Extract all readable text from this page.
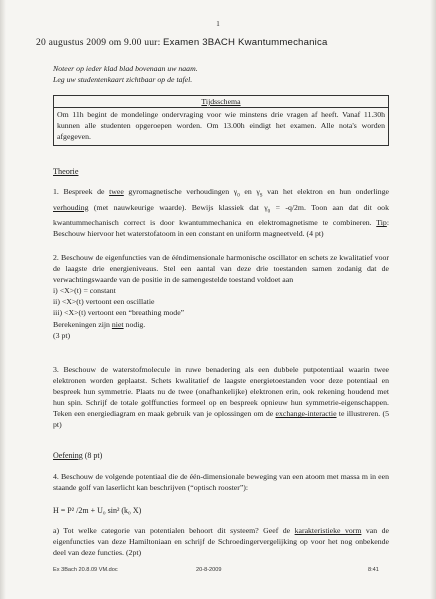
1
20 augustus 2009 om 9.00 uur: Examen 3BACH Kwantummechanica
Noteer op ieder klad blad bovenaan uw naam.
Leg uw studentenkaart zichtbaar op de tafel.
Tijdsschema
Om 11h begint de mondelinge ondervraging voor wie minstens drie vragen af heeft. Vanaf 11.30h kunnen alle studenten opgeroepen worden. Om 13.00h eindigt het examen. Alle nota's worden afgegeven.
Theorie

1. Bespreek de twee gyromagnetische verhoudingen $\gamma_0$ en $\gamma_S$ van het elektron en hun onderlinge verhouding (met nauwkeurige waarde). Bewijs klassiek dat $\gamma_0 = -q/2m$. Toon aan dat dit ook kwantummechanisch correct is door kwantummechanica en elektromagnetisme te combineren. Tip: Beschouw hiervoor het waterstofatoom in een constant en uniform magneetveld. (4 pt)

2. Beschouw de eigenfuncties van de ééndimensionale harmonische oscillator en schets ze kwalitatief voor de laagste drie energieniveaus. Stel een aantal van deze drie toestanden samen zodanig dat de verwachtingswaarde van de positie in de samengestelde toestand voldoet aan

i) <X>(t) = constant

ii) <X>(t) vertoont een oscillatie

iii) <X>(t) vertoont een “breathing mode”

Berekeningen zijn niet nodig.

(3 pt)

3. Beschouw de waterstofmolecule in ruwe benadering als een dubbele putpotentiaal waarin twee elektronen worden geplaatst. Schets kwalitatief de laagste energietoestanden voor deze potentiaal en bespreek hun symmetrie. Plaats nu de twee (onafhankelijke) elektronen erin, ook rekening houdend met hun spin. Schrijf de totale golffuncties formeel op en bespreek opnieuw hun symmetrie-eigenschappen. Teken een energiediagram en maak gebruik van je oplossingen om de exchange-interactie te illustreren. (5 pt)

Oefening (8 pt)
4. Beschouw de volgende potentiaal die de één-dimensionale beweging van een atoom met massa m in een staande golf van laserlicht kan beschrijven (“optisch rooster”):
H = P² /2m + U₀ sin² (k₀ X)

a) Tot welke categorie van potentialen behoort dit systeem? Geef de karakteristieke vorm van de eigenfuncties van deze Hamiltoniaan en schrijf de Schroedingervergelijking op voor het nog onbekende deel van deze functies. (2pt)

Ex 3Bach 20.8.09 VM.doc	20-8-2009	8:41
